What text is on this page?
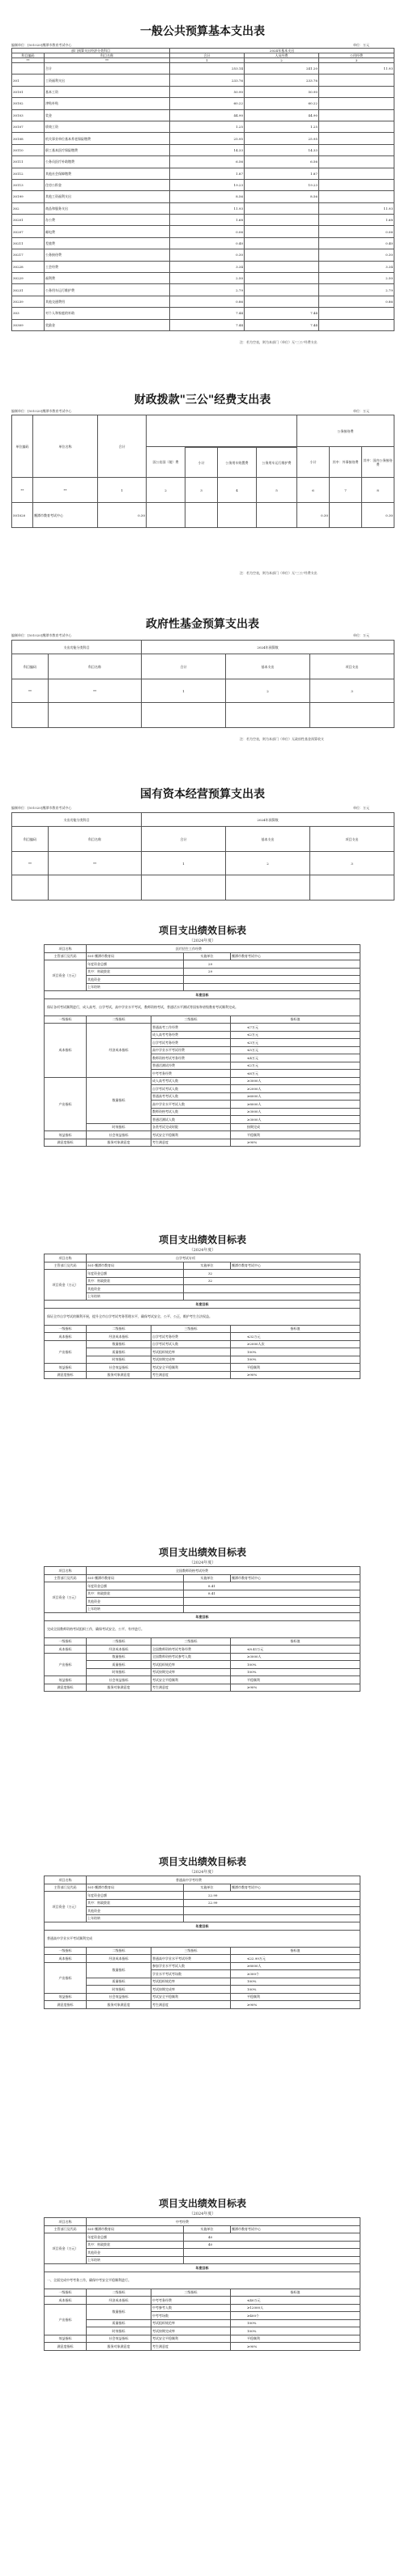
一般公共预算基本支出表
编制单位：[501020]鹰潭市教育考试中心	单位：万元
部门预算支出经济分类科目		2024年基本支出		
科目编码	科目名称	合计	人员经费	公用经费
**	**	1	2	3
	合计	253.14	241.20	11.93
301	工资福利支出	233.76	233.76	
30101	基本工资	50.90	50.90	
30102	津贴补贴	60.22	60.22	
30103	奖金	44.90	44.90	
30107	绩效工资	1.25	1.25	
30108	机关事业单位基本养老保险缴费	25.95	25.95	
30110	职工基本医疗保险缴费	14.33	14.33	
30111	公务员医疗补助缴费	6.56	6.56	
30112	其他社会保障缴费	1.87	1.87	
30113	住房公积金	19.23	19.23	
30199	其他工资福利支出	8.56	8.56	
302	商品和服务支出	11.93		11.93
30201	办公费	1.68		1.68
30207	邮电费	0.06		0.06
30211	差旅费	0.40		0.40
30217	公务接待费	0.30		0.30
30228	工会经费	3.34		3.34
30229	福利费	2.50		2.50
30231	公务用车运行维护费	2.79		2.79
30239	其他交通费用	0.86		0.86
303	对个人和家庭的补助	7.44	7.44	
30309	奖励金	7.44	7.44	
注：若为空表，则为本部门（单位）无"三公"经费支出
财政拨款"三公"经费支出表
编制单位：[501020]鹰潭市教育考试中心	单位：万元
单位编码	单位名称	合计					公务接待费		
			因公出国（境）费				小计	其中：外事接待费	其中：国内公务接待费
				小计	公务用车购置费	公务用车运行维护费			
**	**	1	2	3	4	5	6	7	8
501020	鹰潭市教育考试中心	0.30					0.30		0.30
注：若为空表，则为本部门（单位）无"三公"经费支出
政府性基金预算支出表
编制单位：[501020]鹰潭市教育考试中心	单位：万元
支出功能分类科目		2024年预算数		
科目编码	科目名称	合计	基本支出	项目支出
**	**	1	2	3

注：若为空表，则为本部门（单位）无政府性基金预算收支
国有资本经营预算支出表
编制单位：[501020]鹰潭市教育考试中心	单位：万元
支出功能分类科目		2024年预算数		
科目编码	科目名称	合计	基本支出	项目支出
**	**	1	2	3

项目支出绩效目标表
（2024年度）
项目名称	医疗招生工作经费			
主管部门及代码	501-鹰潭市教育局		实施单位	鹰潭市教育考试中心
项目资金（万元）	年度资金总额		29	
	其中：财政拨款		29	
	其他资金			
	上年结转			
年度目标				
保证各项考试顺利进行，成人高考，自学考试，高中学业水平考试，教师资格考试，普通话水平测试等国家和省级教育考试顺利完成。				
一级指标	二级指标	三级指标		指标值
成本指标	经济成本指标	普通高考工作经费		≤7万元
		成人高考考务经费		≤2万元
		自学考试考务经费		≤3万元
		高中学业水平考试经费		≤5万元
		教师资格考试考务经费		≤4万元
		普通话测试经费		≤2万元
		中考考务经费		≤6万元
产出指标	数量指标	成人高考考试人数		≥3000人
		自学考试考试人数		≥2000人
		普通高考考试人数		≥6000人
		高中学业水平考试人数		≥8000人
		教师资格考试人数		≥3000人
		普通话测试人数		≥3000人
	时效指标	各类考试完成时限		按期完成
效益指标	社会效益指标	考试安全平稳顺利		平稳顺利
满意度指标	服务对象满意度	考生满意度		≥90%
项目支出绩效目标表
（2024年度）
项目名称	自学考试专项			
主管部门及代码	501-鹰潭市教育局		实施单位	鹰潭市教育考试中心
项目资金（万元）	年度资金总额		32	
	其中：财政拨款		32	
	其他资金			
	上年结转			
年度目标				
保证全市自学考试的顺利开展，提升全市自学考试考务管理水平，确保考试安全、公平、公正，维护考生合法权益。				
一级指标	二级指标	三级指标		指标值
成本指标	经济成本指标	自学考试考务经费		≤32万元
产出指标	数量指标	自学考试考试人数		≥2000人次
	质量指标	考试组织规范率		100%
	时效指标	考试按期完成率		100%
效益指标	社会效益指标	考试安全平稳顺利		平稳顺利
满意度指标	服务对象满意度	考生满意度		≥90%
项目支出绩效目标表
（2024年度）
项目名称	全国教师资格考试经费			
主管部门及代码	501-鹰潭市教育局		实施单位	鹰潭市教育考试中心
项目资金（万元）	年度资金总额		8.41	
	其中：财政拨款		8.41	
	其他资金			
	上年结转			
年度目标				
完成全国教师资格考试组织工作，确保考试安全、公平、有序进行。				
一级指标	二级指标	三级指标		指标值
成本指标	经济成本指标	全国教师资格考试考务经费		≤8.41万元
产出指标	数量指标	全国教师资格考试参考人数		≥3000人
	质量指标	考试组织规范率		100%
	时效指标	考试按期完成率		100%
效益指标	社会效益指标	考试安全平稳顺利		平稳顺利
满意度指标	服务对象满意度	考生满意度		≥90%
项目支出绩效目标表
（2024年度）
项目名称	普通高中学考经费			
主管部门及代码	501-鹰潭市教育局		实施单位	鹰潭市教育考试中心
项目资金（万元）	年度资金总额		22.99	
	其中：财政拨款		22.99	
	其他资金			
	上年结转			
年度目标				
普通高中学业水平考试顺利完成				
一级指标	二级指标	三级指标		指标值
成本指标	经济成本指标	普通高中学业水平考试经费		≤22.99万元
产出指标	数量指标	参加学业水平考试人数		≥8000人
		学业水平考试考场数		≥300个
	质量指标	考试组织规范率		100%
	时效指标	考试按期完成率		100%
效益指标	社会效益指标	考试安全平稳顺利		平稳顺利
满意度指标	服务对象满意度	考生满意度		≥90%
项目支出绩效目标表
（2024年度）
项目名称	中考经费			
主管部门及代码	501-鹰潭市教育局		实施单位	鹰潭市教育考试中心
项目资金（万元）	年度资金总额		40	
	其中：财政拨款		40	
	其他资金			
	上年结转			
年度目标				
一、全面完成中考考务工作，确保中考安全平稳顺利进行。				
一级指标	二级指标	三级指标		指标值
成本指标	经济成本指标	中考考务经费		≤40万元
产出指标	数量指标	中考参考人数		≥12000人
		中考考场数		≥400个
	质量指标	考试组织规范率		100%
	时效指标	考试按期完成率		100%
效益指标	社会效益指标	考试安全平稳顺利		平稳顺利
满意度指标	服务对象满意度	考生满意度		≥90%
